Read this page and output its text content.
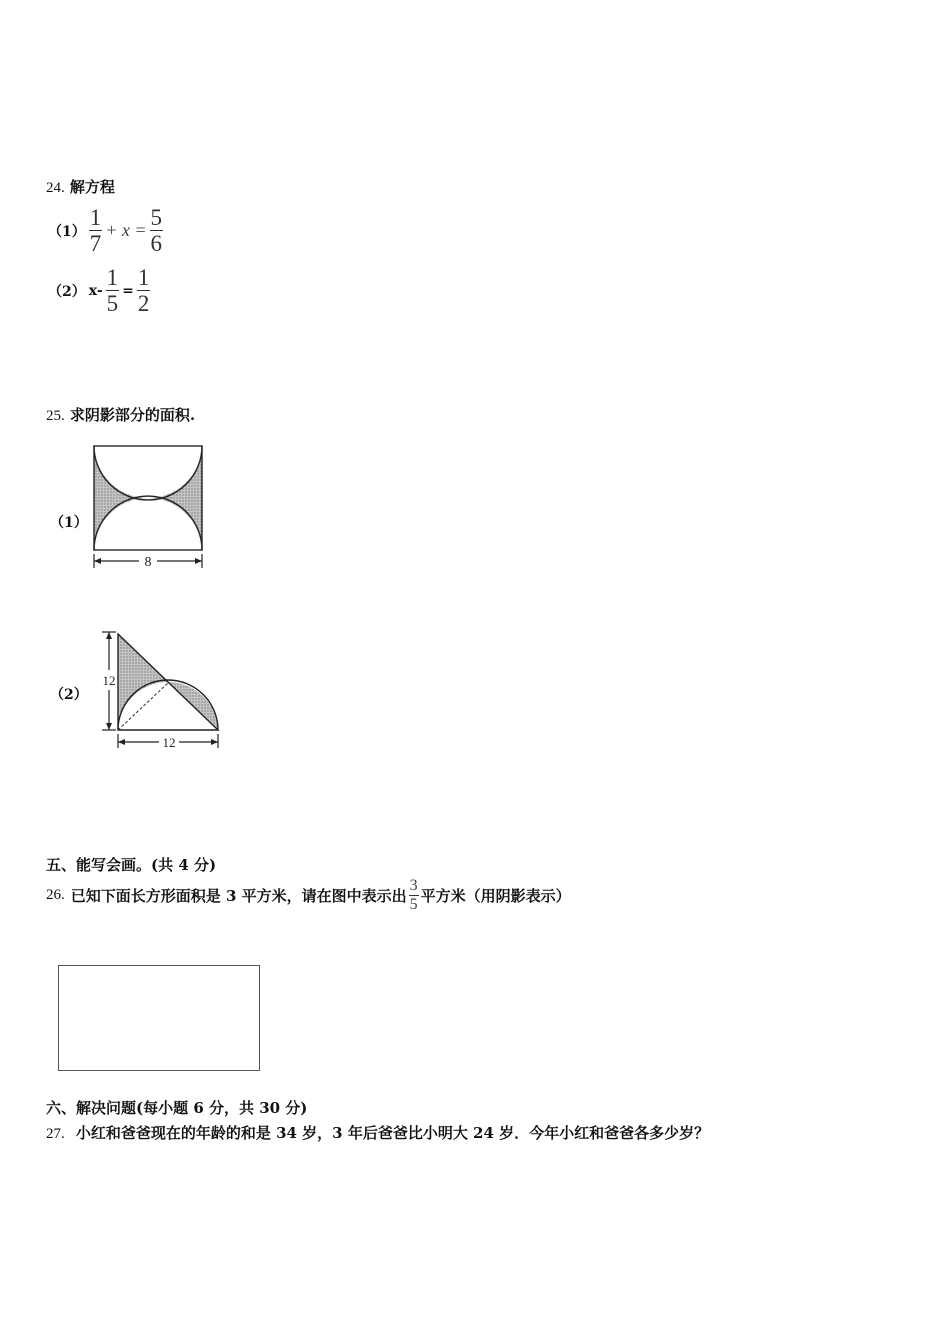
24. 解方程
$(1) \frac{1}{7} + x = \frac{5}{6}$
（2） $x- \frac{1}{5} = \frac{1}{2}$
25. 求阴影部分的面积.
（1）
8
（2）
12
12
五、能写会画。(共 4 分)
26. 已知下面长方形面积是 3 平方米，请在图中表示出 $\frac{3}{5}$ 平方米（用阴影表示）
六、解决问题(每小题 6 分，共 30 分)
27. 小红和爸爸现在的年龄的和是 34 岁，3 年后爸爸比小明大 24 岁．今年小红和爸爸各多少岁？
